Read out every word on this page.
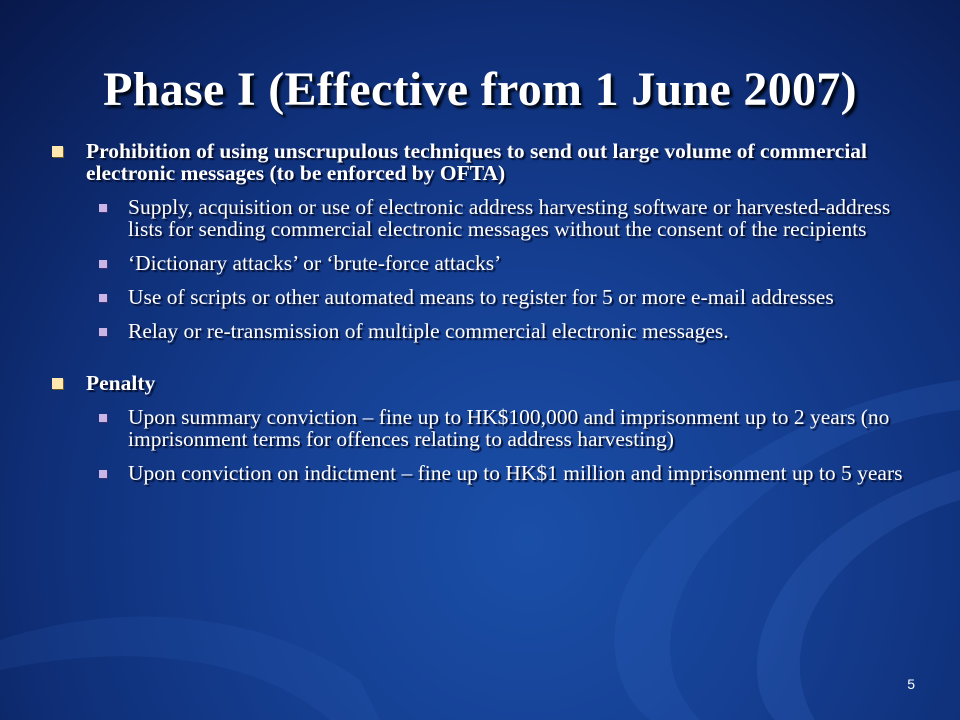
Phase I (Effective from 1 June 2007)
Prohibition of using unscrupulous techniques to send out large volume of commercial electronic messages (to be enforced by OFTA)
Supply, acquisition or use of electronic address harvesting software or harvested-address lists for sending commercial electronic messages without the consent of the recipients
‘Dictionary attacks’ or ‘brute-force attacks’
Use of scripts or other automated means to register for 5 or more e-mail addresses
Relay or re-transmission of multiple commercial electronic messages.
Penalty
Upon summary conviction – fine up to HK$100,000 and imprisonment up to 2 years (no imprisonment terms for offences relating to address harvesting)
Upon conviction on indictment – fine up to HK$1 million and imprisonment up to 5 years
5
